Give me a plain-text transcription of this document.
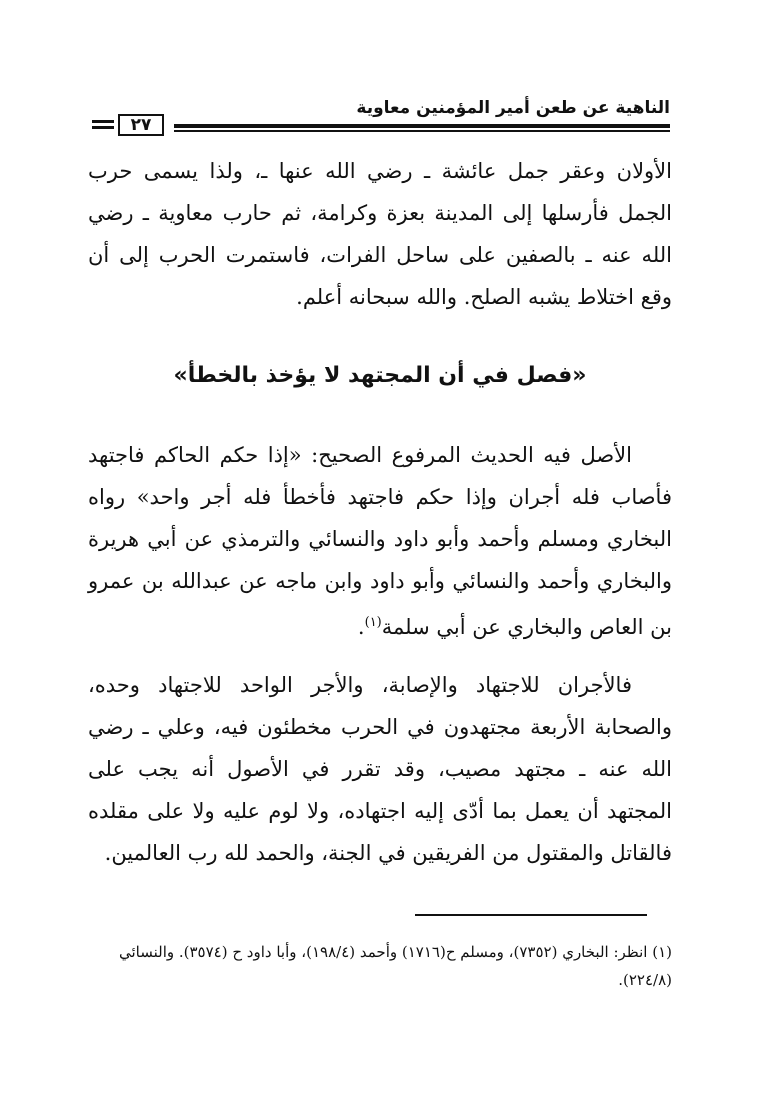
الناهية عن طعن أمير المؤمنين معاوية
٢٧

الأولان وعقر جمل عائشة ـ رضي الله عنها ـ، ولذا يسمى حرب الجمل فأرسلها إلى المدينة بعزة وكرامة، ثم حارب معاوية ـ رضي الله عنه ـ بالصفين على ساحل الفرات، فاستمرت الحرب إلى أن وقع اختلاط يشبه الصلح. والله سبحانه أعلم.

«فصل في أن المجتهد لا يؤخذ بالخطأ»

الأصل فيه الحديث المرفوع الصحيح: «إذا حكم الحاكم فاجتهد فأصاب فله أجران وإذا حكم فاجتهد فأخطأ فله أجر واحد» رواه البخاري ومسلم وأحمد وأبو داود والنسائي والترمذي عن أبي هريرة والبخاري وأحمد والنسائي وأبو داود وابن ماجه عن عبدالله بن عمرو بن العاص والبخاري عن أبي سلمة$^{(١)}$.

فالأجران للاجتهاد والإصابة، والأجر الواحد للاجتهاد وحده، والصحابة الأربعة مجتهدون في الحرب مخطئون فيه، وعلي ـ رضي الله عنه ـ مجتهد مصيب، وقد تقرر في الأصول أنه يجب على المجتهد أن يعمل بما أدّى إليه اجتهاده، ولا لوم عليه ولا على مقلده فالقاتل والمقتول من الفريقين في الجنة، والحمد لله رب العالمين.

(١) انظر: البخاري (٧٣٥٢)، ومسلم ح(١٧١٦) وأحمد (١٩٨/٤)، وأبا داود ح (٣٥٧٤). والنسائي (٢٢٤/٨).
